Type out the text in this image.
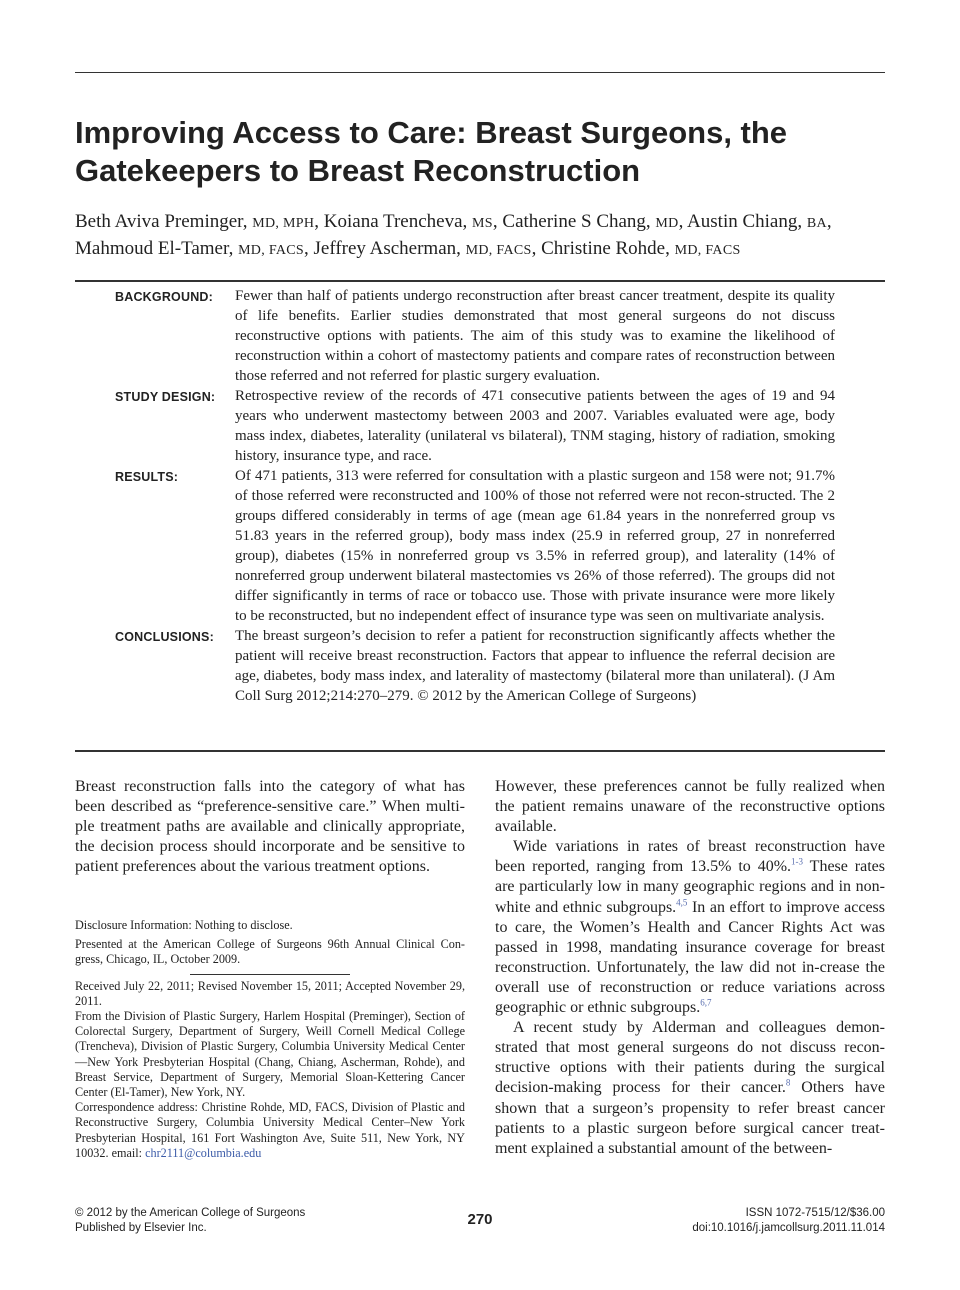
Improving Access to Care: Breast Surgeons, the
Gatekeepers to Breast Reconstruction
Beth Aviva Preminger, MD, MPH, Koiana Trencheva, MS, Catherine S Chang, MD, Austin Chiang, BA,
Mahmoud El-Tamer, MD, FACS, Jeffrey Ascherman, MD, FACS, Christine Rohde, MD, FACS
BACKGROUND:	Fewer than half of patients undergo reconstruction after breast cancer treatment, despite its quality of life benefits. Earlier studies demonstrated that most general surgeons do not discuss reconstructive options with patients. The aim of this study was to examine the likelihood of reconstruction within a cohort of mastectomy patients and compare rates of reconstruction between those referred and not referred for plastic surgery evaluation.
STUDY DESIGN:	Retrospective review of the records of 471 consecutive patients between the ages of 19 and 94 years who underwent mastectomy between 2003 and 2007. Variables evaluated were age, body mass index, diabetes, laterality (unilateral vs bilateral), TNM staging, history of radiation, smoking history, insurance type, and race.
RESULTS:	Of 471 patients, 313 were referred for consultation with a plastic surgeon and 158 were not; 91.7% of those referred were reconstructed and 100% of those not referred were not recon-structed. The 2 groups differed considerably in terms of age (mean age 61.84 years in the nonreferred group vs 51.83 years in the referred group), body mass index (25.9 in referred group, 27 in nonreferred group), diabetes (15% in nonreferred group vs 3.5% in referred group), and laterality (14% of nonreferred group underwent bilateral mastectomies vs 26% of those referred). The groups did not differ significantly in terms of race or tobacco use. Those with private insurance were more likely to be reconstructed, but no independent effect of insurance type was seen on multivariate analysis.
CONCLUSIONS:	The breast surgeon’s decision to refer a patient for reconstruction significantly affects whether the patient will receive breast reconstruction. Factors that appear to influence the referral decision are age, diabetes, body mass index, and laterality of mastectomy (bilateral more than unilateral). (J Am Coll Surg 2012;214:270–279. © 2012 by the American College of Surgeons)

Breast reconstruction falls into the category of what has been described as “preference-sensitive care.” When multi-ple treatment paths are available and clinically appropriate, the decision process should incorporate and be sensitive to patient preferences about the various treatment options.

Disclosure Information: Nothing to disclose.

Presented at the American College of Surgeons 96th Annual Clinical Con-gress, Chicago, IL, October 2009.

Received July 22, 2011; Revised November 15, 2011; Accepted November 29, 2011.

From the Division of Plastic Surgery, Harlem Hospital (Preminger), Section of Colorectal Surgery, Department of Surgery, Weill Cornell Medical College (Trencheva), Division of Plastic Surgery, Columbia University Medical Center—New York Presbyterian Hospital (Chang, Chiang, Ascherman, Rohde), and Breast Service, Department of Surgery, Memorial Sloan-Kettering Cancer Center (El-Tamer), New York, NY.

Correspondence address: Christine Rohde, MD, FACS, Division of Plastic and Reconstructive Surgery, Columbia University Medical Center–New York Presbyterian Hospital, 161 Fort Washington Ave, Suite 511, New York, NY 10032. email: chr2111@columbia.edu

However, these preferences cannot be fully realized when the patient remains unaware of the reconstructive options available.

Wide variations in rates of breast reconstruction have been reported, ranging from 13.5% to 40%.$^{1-3}$ These rates are particularly low in many geographic regions and in non-white and ethnic subgroups.$^{4,5}$ In an effort to improve access to care, the Women’s Health and Cancer Rights Act was passed in 1998, mandating insurance coverage for breast reconstruction. Unfortunately, the law did not in-crease the overall use of reconstruction or reduce variations across geographic or ethnic subgroups.$^{6,7}$

A recent study by Alderman and colleagues demon-strated that most general surgeons do not discuss recon-structive options with their patients during the surgical decision-making process for their cancer.$^8$ Others have shown that a surgeon’s propensity to refer breast cancer patients to a plastic surgeon before surgical cancer treat-ment explained a substantial amount of the between-

© 2012 by the American College of Surgeons
Published by Elsevier Inc.	270	ISSN 1072-7515/12/$36.00
doi:10.1016/j.jamcollsurg.2011.11.014
